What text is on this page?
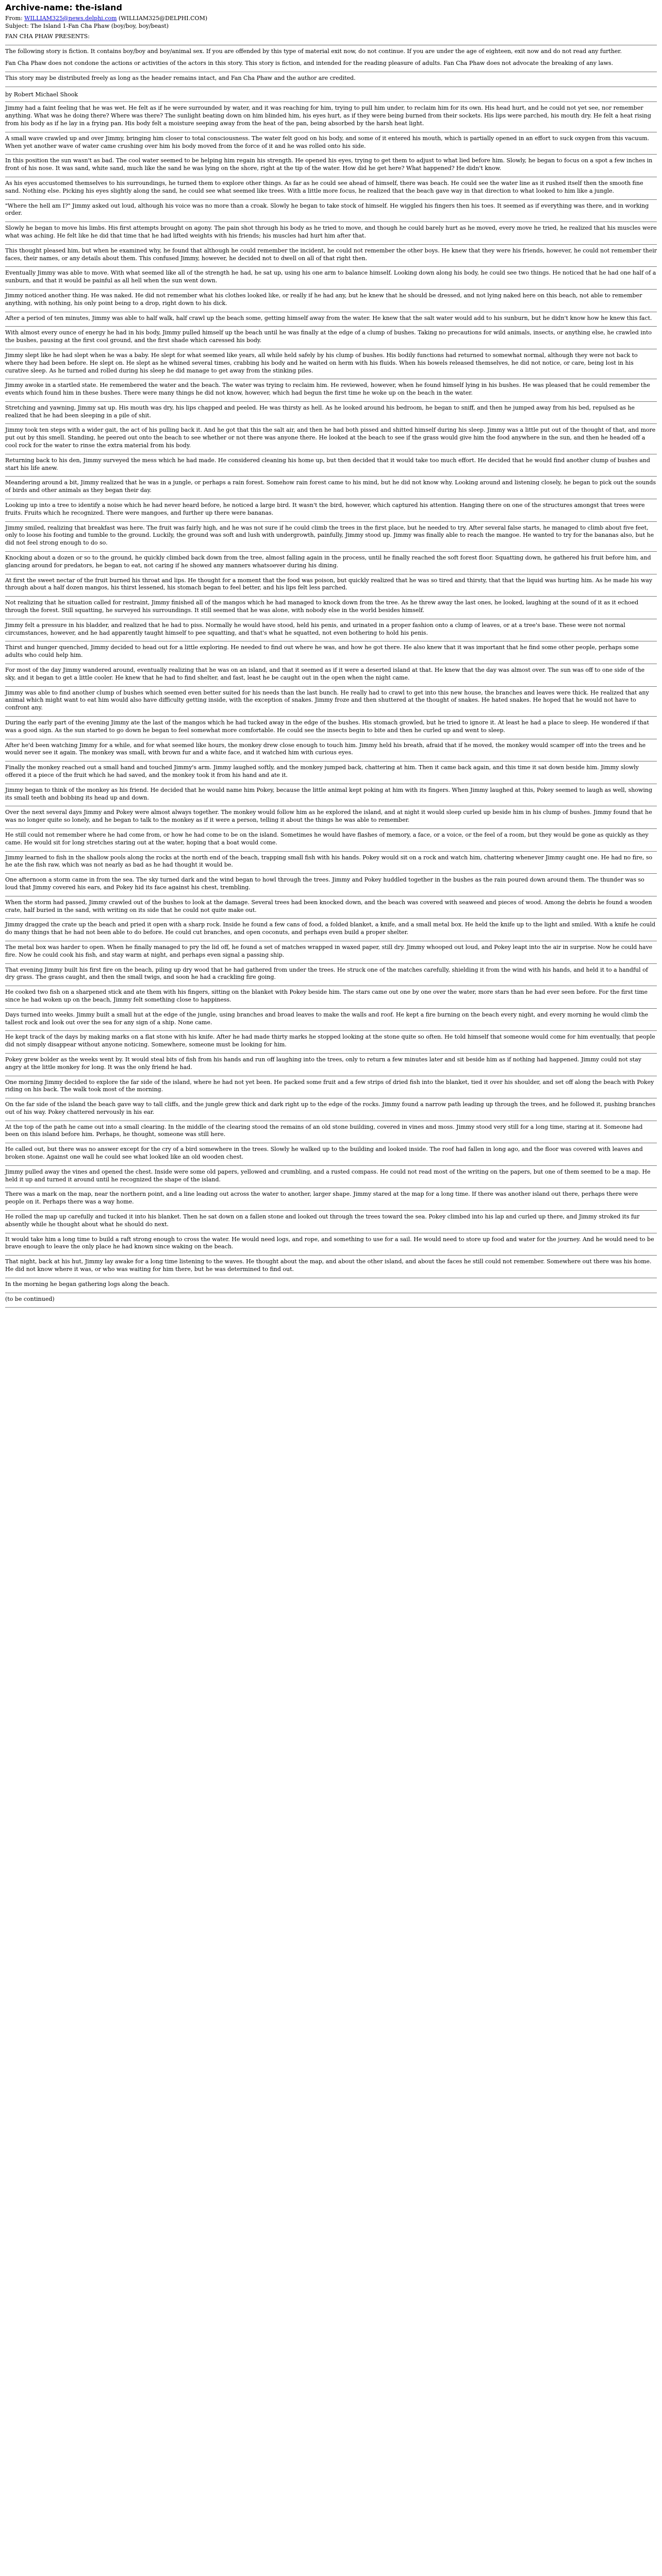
Archive-name: the-island
From: WILLIAM325@news.delphi.com (WILLIAM325@DELPHI.COM)
Subject: The Island 1-Fan Cha Phaw (boy/boy, boy/beast)
FAN CHA PHAW PRESENTS:

The following story is fiction. It contains boy/boy and boy/animal sex. If you are offended by this type of material exit now, do not continue. If you are under the age of eighteen, exit now and do not read any further.

Fan Cha Phaw does not condone the actions or activities of the actors in this story. This story is fiction, and intended for the reading pleasure of adults. Fan Cha Phaw does not advocate the breaking of any laws.

This story may be distributed freely as long as the header remains intact, and Fan Cha Phaw and the author are credited.

by Robert Michael Shook

Jimmy had a faint feeling that he was wet. He felt as if he were surrounded by water, and it was reaching for him, trying to pull him under, to reclaim him for its own. His head hurt, and he could not yet see, nor remember anything. What was he doing there? Where was there? The sunlight beating down on him blinded him, his eyes hurt, as if they were being burned from their sockets. His lips were parched, his mouth dry. He felt a heat rising from his body as if he lay in a frying pan. His body felt a moisture seeping away from the heat of the pan, being absorbed by the harsh heat light.

A small wave crawled up and over Jimmy, bringing him closer to total consciousness. The water felt good on his body, and some of it entered his mouth, which is partially opened in an effort to suck oxygen from this vacuum. When yet another wave of water came crushing over him his body moved from the force of it and he was rolled onto his side.

In this position the sun wasn't as bad. The cool water seemed to be helping him regain his strength. He opened his eyes, trying to get them to adjust to what lied before him. Slowly, he began to focus on a spot a few inches in front of his nose. It was sand, white sand, much like the sand he was lying on the shore, right at the tip of the water. How did he get here? What happened? He didn't know.

As his eyes accustomed themselves to his surroundings, he turned them to explore other things. As far as he could see ahead of himself, there was beach. He could see the water line as it rushed itself then the smooth fine sand. Nothing else. Picking his eyes slightly along the sand, he could see what seemed like trees. With a little more focus, he realized that the beach gave way in that direction to what looked to him like a jungle.

"Where the hell am I?" Jimmy asked out loud, although his voice was no more than a croak. Slowly he began to take stock of himself. He wiggled his fingers then his toes. It seemed as if everything was there, and in working order.

Slowly he began to move his limbs. His first attempts brought on agony. The pain shot through his body as he tried to move, and though he could barely hurt as he moved, every move he tried, he realized that his muscles were what was aching. He felt like he did that time that he had lifted weights with his friends; his muscles had hurt him after that.

This thought pleased him, but when he examined why, he found that although he could remember the incident, he could not remember the other boys. He knew that they were his friends, however, he could not remember their faces, their names, or any details about them. This confused Jimmy, however, he decided not to dwell on all of that right then.

Eventually Jimmy was able to move. With what seemed like all of the strength he had, he sat up, using his one arm to balance himself. Looking down along his body, he could see two things. He noticed that he had one half of a sunburn, and that it would be painful as all hell when the sun went down.

Jimmy noticed another thing. He was naked. He did not remember what his clothes looked like, or really if he had any, but he knew that he should be dressed, and not lying naked here on this beach, not able to remember anything, with nothing, his only point being to a drop, right down to his dick.

After a period of ten minutes, Jimmy was able to half walk, half crawl up the beach some, getting himself away from the water. He knew that the salt water would add to his sunburn, but he didn't know how he knew this fact.

With almost every ounce of energy he had in his body, Jimmy pulled himself up the beach until he was finally at the edge of a clump of bushes. Taking no precautions for wild animals, insects, or anything else, he crawled into the bushes, pausing at the first cool ground, and the first shade which caressed his body.

Jimmy slept like he had slept when he was a baby. He slept for what seemed like years, all while held safely by his clump of bushes. His bodily functions had returned to somewhat normal, although they were not back to where they had been before. He slept on. He slept as he whined several times, crabbing his body and he waited on herm with his fluids. When his bowels released themselves, he did not notice, or care, being lost in his curative sleep. As he turned and rolled during his sleep he did manage to get away from the stinking piles.

Jimmy awoke in a startled state. He remembered the water and the beach. The water was trying to reclaim him. He reviewed, however, when he found himself lying in his bushes. He was pleased that he could remember the events which found him in these bushes. There were many things he did not know, however, which had begun the first time he woke up on the beach in the water.

Stretching and yawning, Jimmy sat up. His mouth was dry, his lips chapped and peeled. He was thirsty as hell. As he looked around his bedroom, he began to sniff, and then he jumped away from his bed, repulsed as he realized that he had been sleeping in a pile of shit.

Jimmy took ten steps with a wider gait, the act of his pulling back it. And he got that this the salt air, and then he had both pissed and shitted himself during his sleep. Jimmy was a little put out of the thought of that, and more put out by this smell. Standing, he peered out onto the beach to see whether or not there was anyone there. He looked at the beach to see if the grass would give him the food anywhere in the sun, and then he headed off a cool rock for the water to rinse the extra material from his body.

Returning back to his den, Jimmy surveyed the mess which he had made. He considered cleaning his home up, but then decided that it would take too much effort. He decided that he would find another clump of bushes and start his life anew.

Meandering around a bit, Jimmy realized that he was in a jungle, or perhaps a rain forest. Somehow rain forest came to his mind, but he did not know why. Looking around and listening closely, he began to pick out the sounds of birds and other animals as they began their day.

Looking up into a tree to identify a noise which he had never heard before, he noticed a large bird. It wasn't the bird, however, which captured his attention. Hanging there on one of the structures amongst that trees were fruits. Fruits which he recognized. There were mangoes, and further up there were bananas.

Jimmy smiled, realizing that breakfast was here. The fruit was fairly high, and he was not sure if he could climb the trees in the first place, but he needed to try. After several false starts, he managed to climb about five feet, only to loose his footing and tumble to the ground. Luckily, the ground was soft and lush with undergrowth, painfully, Jimmy stood up. Jimmy was finally able to reach the mangoe. He wanted to try for the bananas also, but he did not feel strong enough to do so.

Knocking about a dozen or so to the ground, he quickly climbed back down from the tree, almost falling again in the process, until he finally reached the soft forest floor. Squatting down, he gathered his fruit before him, and glancing around for predators, he began to eat, not caring if he showed any manners whatsoever during his dining.

At first the sweet nectar of the fruit burned his throat and lips. He thought for a moment that the food was poison, but quickly realized that he was so tired and thirsty, that that the liquid was hurting him. As he made his way through about a half dozen mangos, his thirst lessened, his stomach began to feel better, and his lips felt less parched.

Not realizing that he situation called for restraint, Jimmy finished all of the mangos which he had managed to knock down from the tree. As he threw away the last ones, he looked, laughing at the sound of it as it echoed through the forest. Still squatting, he surveyed his surroundings. It still seemed that he was alone, with nobody else in the world besides himself.

Jimmy felt a pressure in his bladder, and realized that he had to piss. Normally he would have stood, held his penis, and urinated in a proper fashion onto a clump of leaves, or at a tree's base. These were not normal circumstances, however, and he had apparently taught himself to pee squatting, and that's what he squatted, not even bothering to hold his penis.

Thirst and hunger quenched, Jimmy decided to head out for a little exploring. He needed to find out where he was, and how he got there. He also knew that it was important that he find some other people, perhaps some adults who could help him.

For most of the day Jimmy wandered around, eventually realizing that he was on an island, and that it seemed as if it were a deserted island at that. He knew that the day was almost over. The sun was off to one side of the sky, and it began to get a little cooler. He knew that he had to find shelter, and fast, least he be caught out in the open when the night came.

Jimmy was able to find another clump of bushes which seemed even better suited for his needs than the last bunch. He really had to crawl to get into this new house, the branches and leaves were thick. He realized that any animal which might want to eat him would also have difficulty getting inside, with the exception of snakes. Jimmy froze and then shuttered at the thought of snakes. He hated snakes. He hoped that he would not have to confront any.

During the early part of the evening Jimmy ate the last of the mangos which he had tucked away in the edge of the bushes. His stomach growled, but he tried to ignore it. At least he had a place to sleep. He wondered if that was a good sign. As the sun started to go down he began to feel somewhat more comfortable. He could see the insects begin to bite and then he curled up and went to sleep.

After he'd been watching Jimmy for a while, and for what seemed like hours, the monkey drew close enough to touch him. Jimmy held his breath, afraid that if he moved, the monkey would scamper off into the trees and he would never see it again. The monkey was small, with brown fur and a white face, and it watched him with curious eyes.

Finally the monkey reached out a small hand and touched Jimmy's arm. Jimmy laughed softly, and the monkey jumped back, chattering at him. Then it came back again, and this time it sat down beside him. Jimmy slowly offered it a piece of the fruit which he had saved, and the monkey took it from his hand and ate it.

Jimmy began to think of the monkey as his friend. He decided that he would name him Pokey, because the little animal kept poking at him with its fingers. When Jimmy laughed at this, Pokey seemed to laugh as well, showing its small teeth and bobbing its head up and down.

Over the next several days Jimmy and Pokey were almost always together. The monkey would follow him as he explored the island, and at night it would sleep curled up beside him in his clump of bushes. Jimmy found that he was no longer quite so lonely, and he began to talk to the monkey as if it were a person, telling it about the things he was able to remember.

He still could not remember where he had come from, or how he had come to be on the island. Sometimes he would have flashes of memory, a face, or a voice, or the feel of a room, but they would be gone as quickly as they came. He would sit for long stretches staring out at the water, hoping that a boat would come.

Jimmy learned to fish in the shallow pools along the rocks at the north end of the beach, trapping small fish with his hands. Pokey would sit on a rock and watch him, chattering whenever Jimmy caught one. He had no fire, so he ate the fish raw, which was not nearly as bad as he had thought it would be.

One afternoon a storm came in from the sea. The sky turned dark and the wind began to howl through the trees. Jimmy and Pokey huddled together in the bushes as the rain poured down around them. The thunder was so loud that Jimmy covered his ears, and Pokey hid its face against his chest, trembling.

When the storm had passed, Jimmy crawled out of the bushes to look at the damage. Several trees had been knocked down, and the beach was covered with seaweed and pieces of wood. Among the debris he found a wooden crate, half buried in the sand, with writing on its side that he could not quite make out.

Jimmy dragged the crate up the beach and pried it open with a sharp rock. Inside he found a few cans of food, a folded blanket, a knife, and a small metal box. He held the knife up to the light and smiled. With a knife he could do many things that he had not been able to do before. He could cut branches, and open coconuts, and perhaps even build a proper shelter.

The metal box was harder to open. When he finally managed to pry the lid off, he found a set of matches wrapped in waxed paper, still dry. Jimmy whooped out loud, and Pokey leapt into the air in surprise. Now he could have fire. Now he could cook his fish, and stay warm at night, and perhaps even signal a passing ship.

That evening Jimmy built his first fire on the beach, piling up dry wood that he had gathered from under the trees. He struck one of the matches carefully, shielding it from the wind with his hands, and held it to a handful of dry grass. The grass caught, and then the small twigs, and soon he had a crackling fire going.

He cooked two fish on a sharpened stick and ate them with his fingers, sitting on the blanket with Pokey beside him. The stars came out one by one over the water, more stars than he had ever seen before. For the first time since he had woken up on the beach, Jimmy felt something close to happiness.

Days turned into weeks. Jimmy built a small hut at the edge of the jungle, using branches and broad leaves to make the walls and roof. He kept a fire burning on the beach every night, and every morning he would climb the tallest rock and look out over the sea for any sign of a ship. None came.

He kept track of the days by making marks on a flat stone with his knife. After he had made thirty marks he stopped looking at the stone quite so often. He told himself that someone would come for him eventually, that people did not simply disappear without anyone noticing. Somewhere, someone must be looking for him.

Pokey grew bolder as the weeks went by. It would steal bits of fish from his hands and run off laughing into the trees, only to return a few minutes later and sit beside him as if nothing had happened. Jimmy could not stay angry at the little monkey for long. It was the only friend he had.

One morning Jimmy decided to explore the far side of the island, where he had not yet been. He packed some fruit and a few strips of dried fish into the blanket, tied it over his shoulder, and set off along the beach with Pokey riding on his back. The walk took most of the morning.

On the far side of the island the beach gave way to tall cliffs, and the jungle grew thick and dark right up to the edge of the rocks. Jimmy found a narrow path leading up through the trees, and he followed it, pushing branches out of his way. Pokey chattered nervously in his ear.

At the top of the path he came out into a small clearing. In the middle of the clearing stood the remains of an old stone building, covered in vines and moss. Jimmy stood very still for a long time, staring at it. Someone had been on this island before him. Perhaps, he thought, someone was still here.

He called out, but there was no answer except for the cry of a bird somewhere in the trees. Slowly he walked up to the building and looked inside. The roof had fallen in long ago, and the floor was covered with leaves and broken stone. Against one wall he could see what looked like an old wooden chest.

Jimmy pulled away the vines and opened the chest. Inside were some old papers, yellowed and crumbling, and a rusted compass. He could not read most of the writing on the papers, but one of them seemed to be a map. He held it up and turned it around until he recognized the shape of the island.

There was a mark on the map, near the northern point, and a line leading out across the water to another, larger shape. Jimmy stared at the map for a long time. If there was another island out there, perhaps there were people on it. Perhaps there was a way home.

He rolled the map up carefully and tucked it into his blanket. Then he sat down on a fallen stone and looked out through the trees toward the sea. Pokey climbed into his lap and curled up there, and Jimmy stroked its fur absently while he thought about what he should do next.

It would take him a long time to build a raft strong enough to cross the water. He would need logs, and rope, and something to use for a sail. He would need to store up food and water for the journey. And he would need to be brave enough to leave the only place he had known since waking on the beach.

That night, back at his hut, Jimmy lay awake for a long time listening to the waves. He thought about the map, and about the other island, and about the faces he still could not remember. Somewhere out there was his home. He did not know where it was, or who was waiting for him there, but he was determined to find out.

In the morning he began gathering logs along the beach.

(to be continued)
